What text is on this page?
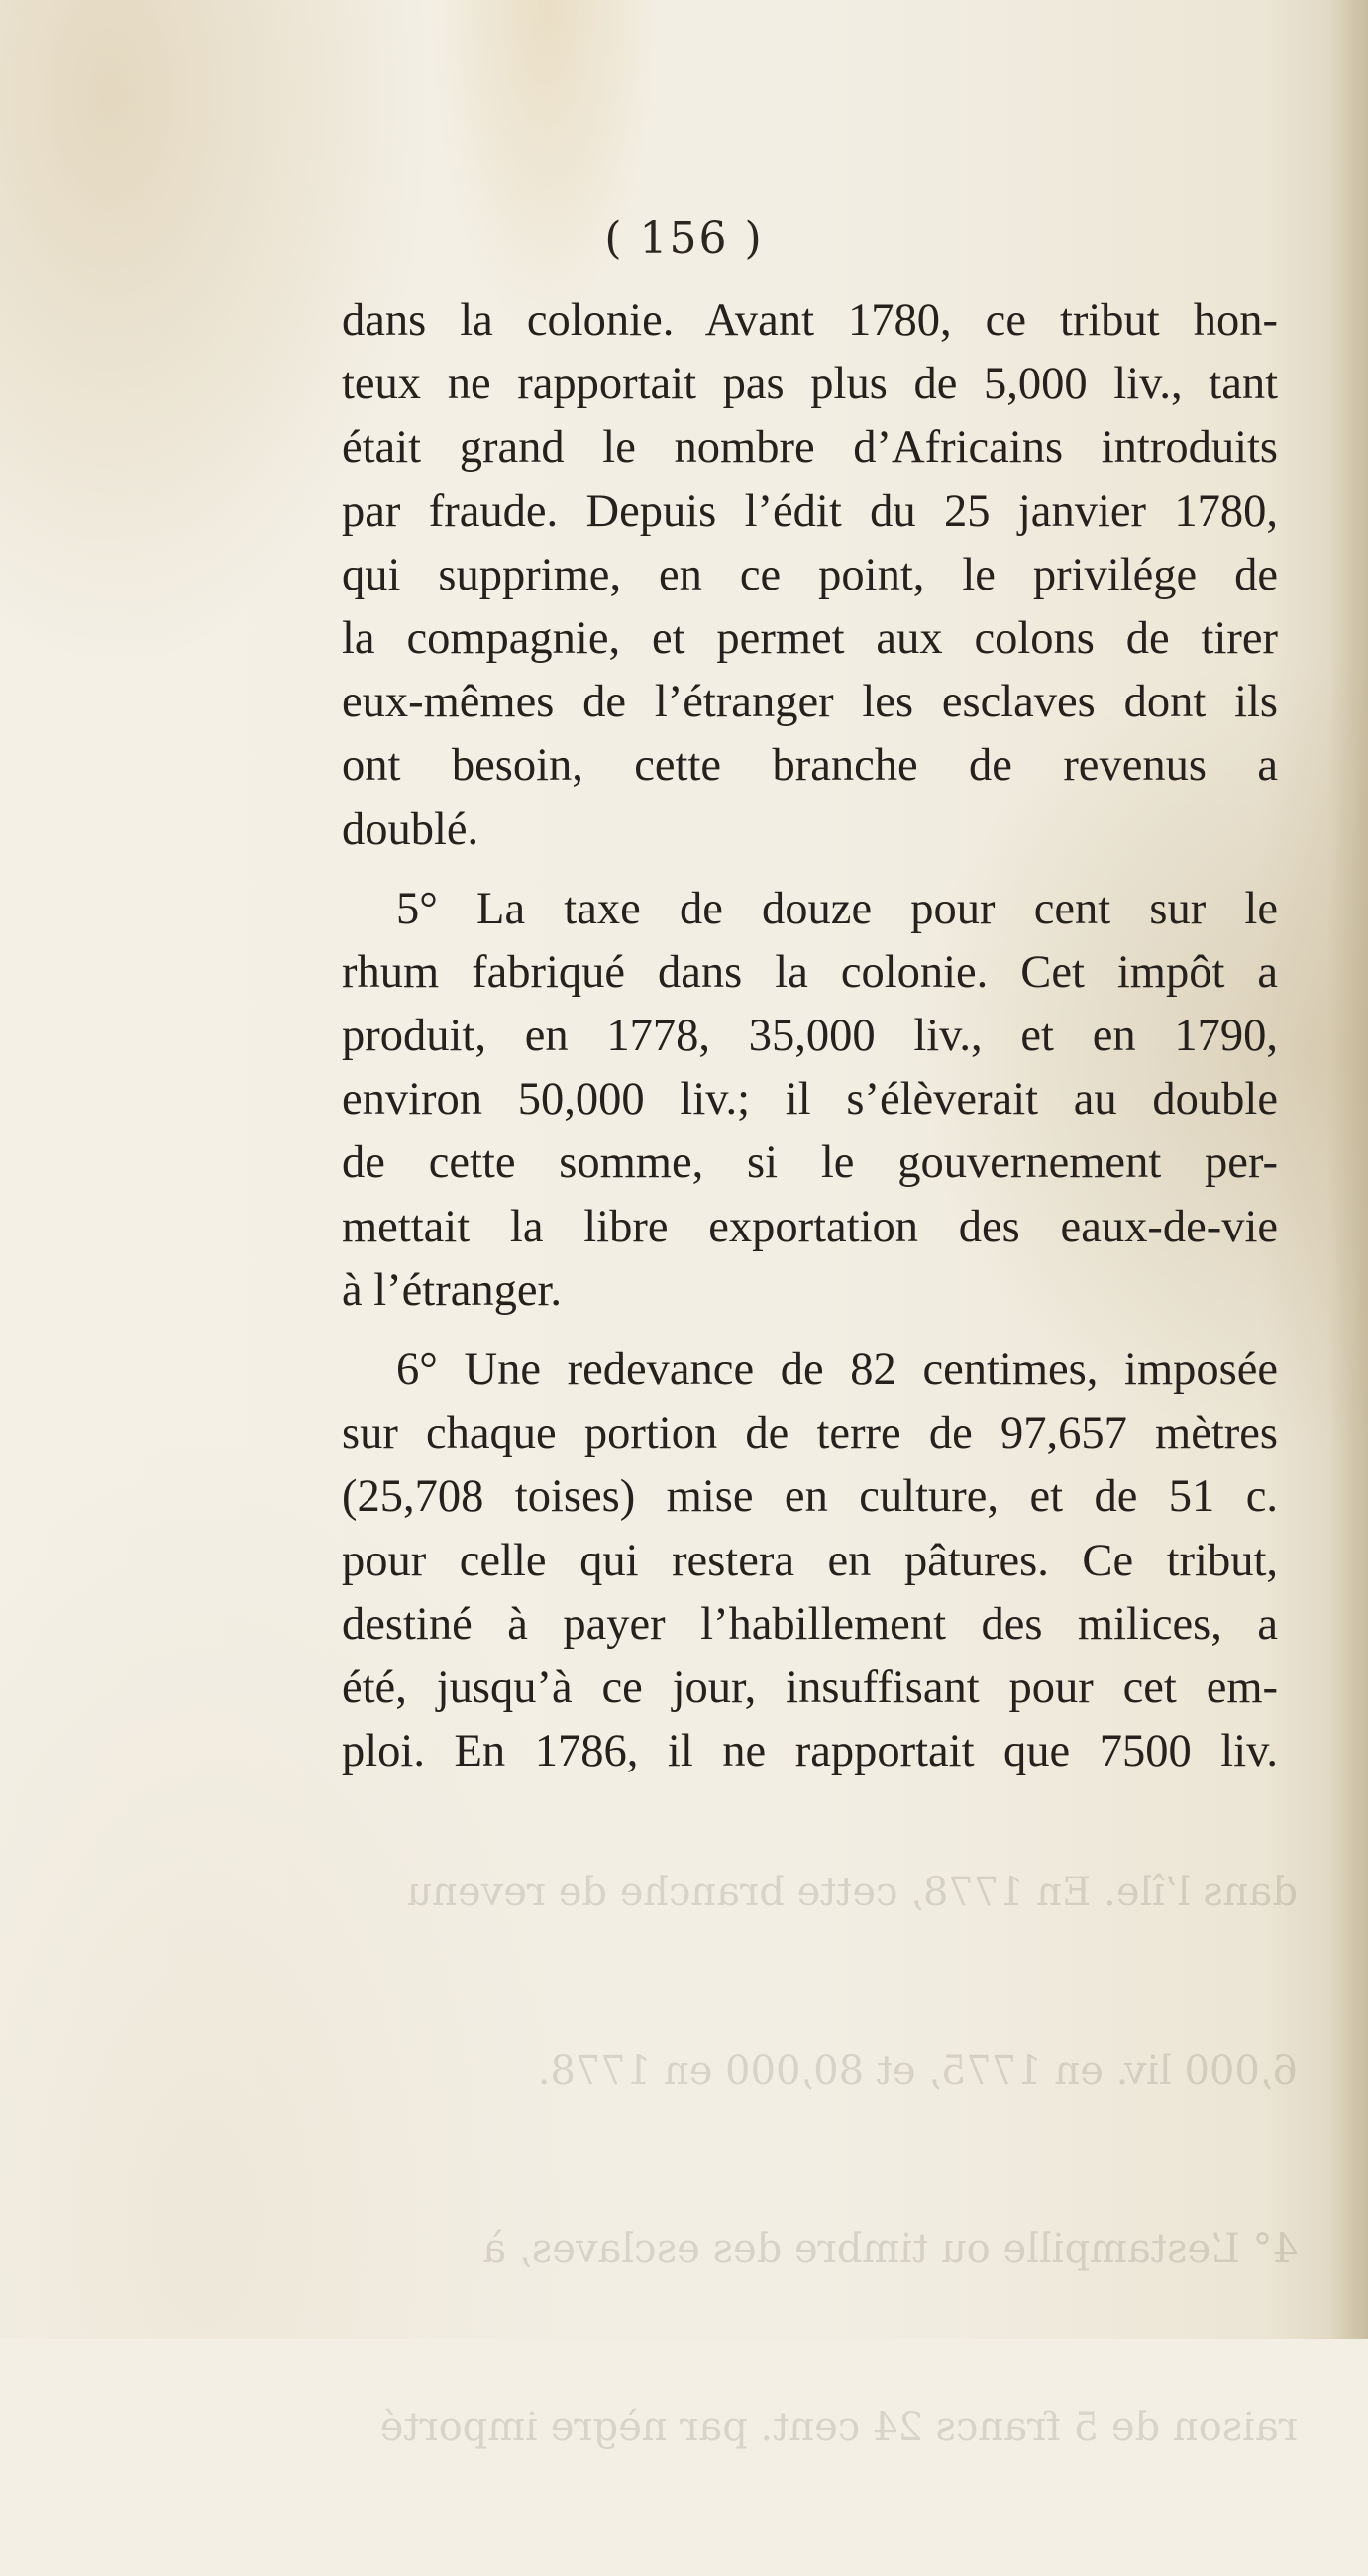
dans l’île. En 1778, cette branche de revenu

6,000 liv. en 1775, et 80,000 en 1778.

4° L’estampille ou timbre des esclaves, à

raison de 5 francs 24 cent. par nègre importé

( 156 )
dans la colonie. Avant 1780, ce tribut hon-
teux ne rapportait pas plus de 5,000 liv., tant
était grand le nombre d’Africains introduits
par fraude. Depuis l’édit du 25 janvier 1780,
qui supprime, en ce point, le privilége de
la compagnie, et permet aux colons de tirer
eux-mêmes de l’étranger les esclaves dont ils
ont besoin, cette branche de revenus a
doublé.
5° La taxe de douze pour cent sur le
rhum fabriqué dans la colonie. Cet impôt a
produit, en 1778, 35,000 liv., et en 1790,
environ 50,000 liv.; il s’élèverait au double
de cette somme, si le gouvernement per-
mettait la libre exportation des eaux-de-vie
à l’étranger.
6° Une redevance de 82 centimes, imposée
sur chaque portion de terre de 97,657 mètres
(25,708 toises) mise en culture, et de 51 c.
pour celle qui restera en pâtures. Ce tribut,
destiné à payer l’habillement des milices, a
été, jusqu’à ce jour, insuffisant pour cet em-
ploi. En 1786, il ne rapportait que 7500 liv.
